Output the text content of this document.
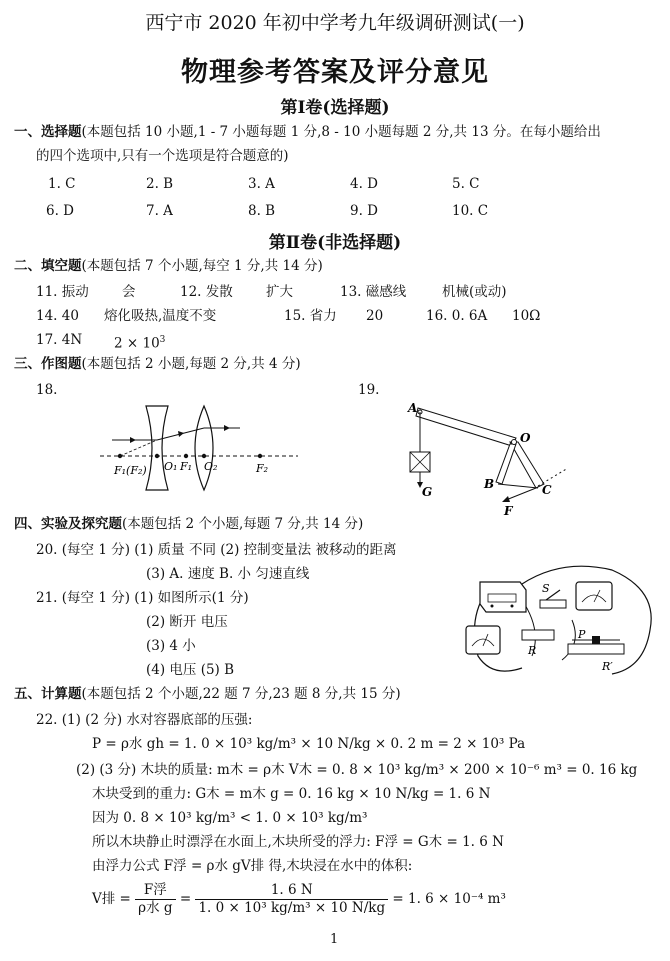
西宁市 2020 年初中学考九年级调研测试(一)
物理参考答案及评分意见
第Ⅰ卷(选择题)
一、选择题(本题包括 10 小题,1 - 7 小题每题 1 分,8 - 10 小题每题 2 分,共 13 分。在每小题给出
的四个选项中,只有一个选项是符合题意的)
1. C	2. B	3. A	4. D	5. C
6. D	7. A	8. B	9. D	10. C
第Ⅱ卷(非选择题)
二、填空题(本题包括 7 个小题,每空 1 分,共 14 分)
11. 振动 会	12. 发散 扩大	13. 磁感线	机械(或动)
14. 40 熔化吸热,温度不变	15. 省力 20	16. 0. 6A 10Ω
17. 4N $2 \times 10^3$
三、作图题(本题包括 2 小题,每题 2 分,共 4 分)
18.	19.
F₁(F₂) O₁ F₁ O₂	F₂
A
O
B	C
G
F
四、实验及探究题(本题包括 2 个小题,每题 7 分,共 14 分)
20. (每空 1 分) (1) 质量 不同 (2) 控制变量法 被移动的距离
(3) A. 速度 B. 小 匀速直线
21. (每空 1 分) (1) 如图所示(1 分)
(2) 断开 电压
(3) 4 小
(4) 电压 (5) B
S
R
P
R′
五、计算题(本题包括 2 个小题,22 题 7 分,23 题 8 分,共 15 分)
22. (1) (2 分) 水对容器底部的压强:
P = ρ水 gh = 1. 0 × 10³ kg/m³ × 10 N/kg × 0. 2 m = 2 × 10³ Pa
(2) (3 分) 木块的质量: m木 = ρ木 V木 = 0. 8 × 10³ kg/m³ × 200 × 10⁻⁶ m³ = 0. 16 kg
木块受到的重力: G木 = m木 g = 0. 16 kg × 10 N/kg = 1. 6 N
因为 0. 8 × 10³ kg/m³ < 1. 0 × 10³ kg/m³
所以木块静止时漂浮在水面上,木块所受的浮力: F浮 = G木 = 1. 6 N
由浮力公式 F浮 = ρ水 gV排 得,木块浸在水中的体积:
V排 = $\frac{\text{F浮}}{\text{ρ水 g}} = \frac{1. 6 N}{\text{1. 0 × 10³ kg/m³ × 10 N/kg}} = 1$. 6 × 10⁻⁴ m³
1
